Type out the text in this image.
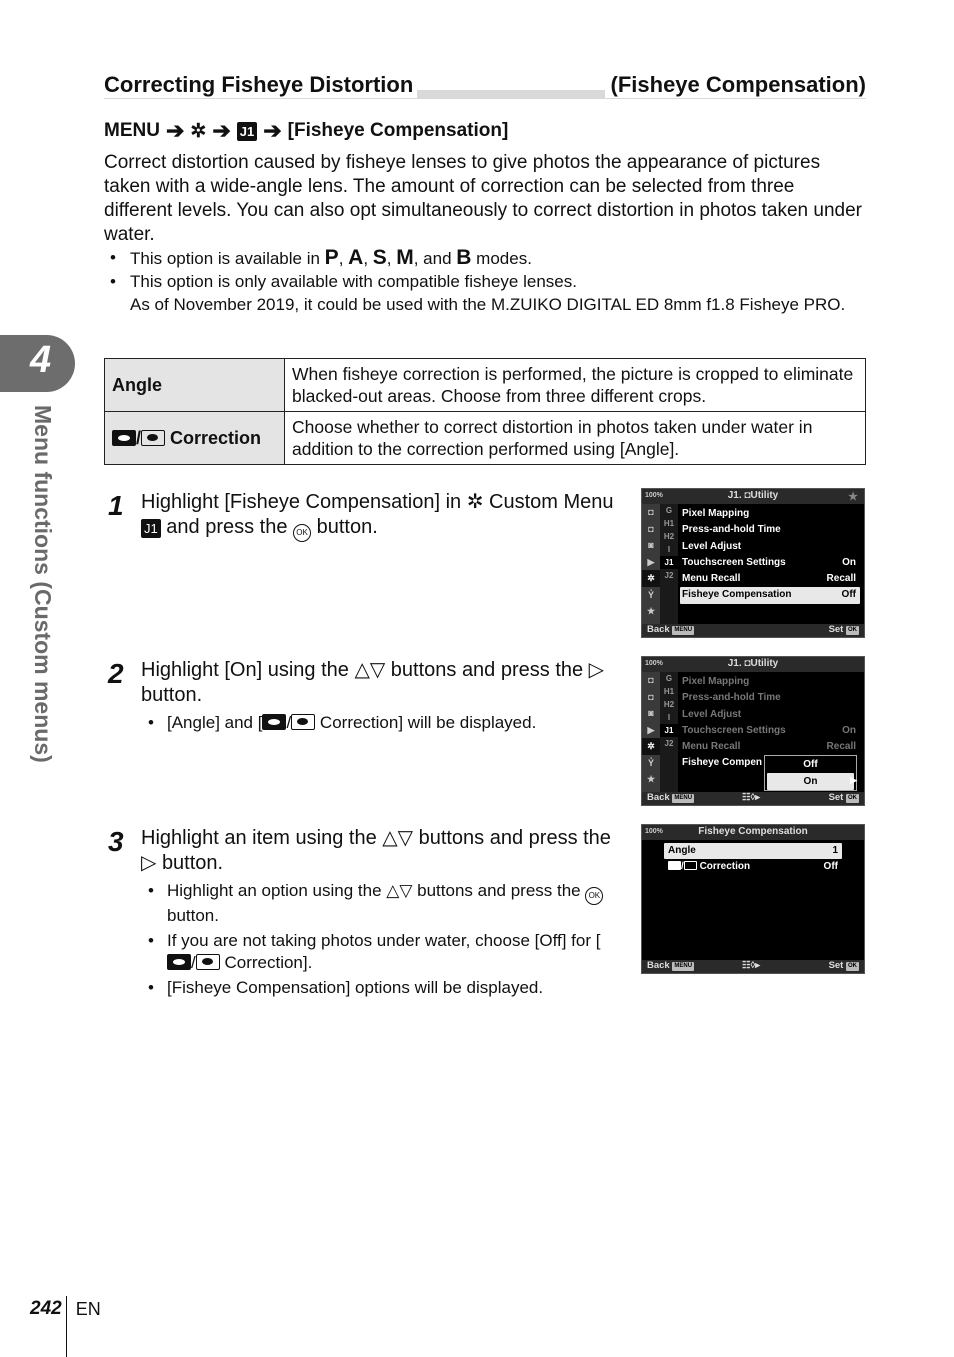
Correcting Fisheye Distortion	(Fisheye Compensation)
MENU ➔ ✲ ➔ J1 ➔ [Fisheye Compensation]

Correct distortion caused by fisheye lenses to give photos the appearance of pictures taken with a wide-angle lens. The amount of correction can be selected from three different levels. You can also opt simultaneously to correct distortion in photos taken under water.

• This option is available in P, A, S, M, and B modes.
• This option is only available with compatible fisheye lenses.
As of November 2019, it could be used with the M.ZUIKO DIGITAL ED 8mm f1.8 Fisheye PRO.
Angle	When fisheye correction is performed, the picture is cropped to eliminate blacked-out areas. Choose from three different crops.
/ Correction	Choose whether to correct distortion in photos taken under water in addition to the correction performed using [Angle].
4
Menu functions (Custom menus) 1 Highlight [Fisheye Compensation] in ✲ Custom Menu J1 and press the OK button.
100%	J1. ◘Utility	★
◘
◘
◙
▶
✲
Ỷ
★
G
H1
H2
I
J1
J2
Pixel Mapping
Press-and-hold Time
Level Adjust
Touchscreen Settings	On
Menu Recall	Recall
Fisheye Compensation	Off
Back MENU	Set OK
2 Highlight [On] using the △▽ buttons and press the ▷ button.
• [Angle] and [ / Correction] will be displayed.
100%	J1. ◘Utility
◘
◘
◙
▶
✲
Ỷ
★
G
H1
H2
I
J1
J2
Pixel Mapping
Press-and-hold Time
Level Adjust
Touchscreen Settings	On
Menu Recall	Recall
Fisheye Compen	Off
On	▶
Back MENU	☷◊▸	Set OK
3 Highlight an item using the △▽ buttons and press the ▷ button.
• Highlight an option using the △▽ buttons and press the OK button.
• If you are not taking photos under water, choose [Off] for [/ Correction].
• [Fisheye Compensation] options will be displayed.
100%	Fisheye Compensation
Angle	1
/ Correction	Off
Back MENU	☷◊▸	Set OK
242 EN
